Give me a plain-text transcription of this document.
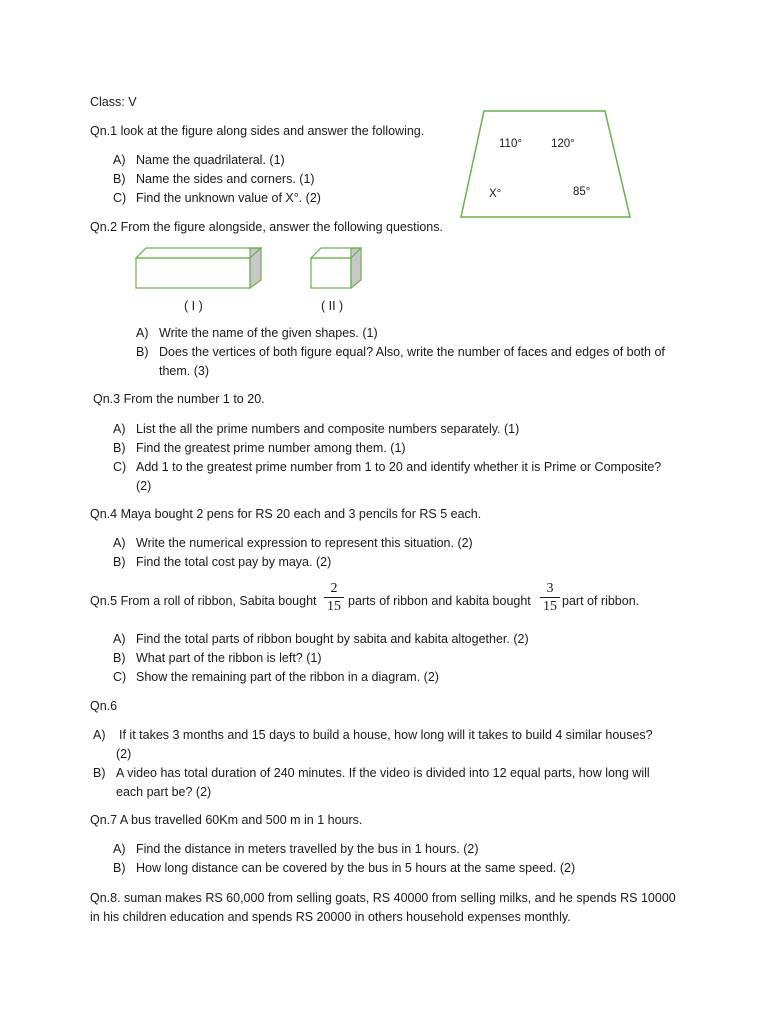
Class: V
Qn.1 look at the figure along sides and answer the following.
A) Name the quadrilateral. (1)
B) Name the sides and corners. (1)
C) Find the unknown value of X°. (2)
110°	120°
X°	85°
Qn.2 From the figure alongside, answer the following questions.
( I )	( II )
A) Write the name of the given shapes. (1)
B) Does the vertices of both figure equal? Also, write the number of faces and edges of both of
them. (3)
Qn.3 From the number 1 to 20.
A) List the all the prime numbers and composite numbers separately. (1)
B) Find the greatest prime number among them. (1)
C) Add 1 to the greatest prime number from 1 to 20 and identify whether it is Prime or Composite?
(2)
Qn.4 Maya bought 2 pens for RS 20 each and 3 pencils for RS 5 each.
A) Write the numerical expression to represent this situation. (2)
B) Find the total cost pay by maya. (2)
Qn.5 From a roll of ribbon, Sabita bought
2
15 parts of ribbon and kabita bought
3
15 part of ribbon.
A) Find the total parts of ribbon bought by sabita and kabita altogether. (2)
B) What part of the ribbon is left? (1)
C) Show the remaining part of the ribbon in a diagram. (2)
Qn.6
A)	If it takes 3 months and 15 days to build a house, how long will it takes to build 4 similar houses?
(2)
B) A video has total duration of 240 minutes. If the video is divided into 12 equal parts, how long will
each part be? (2)
Qn.7 A bus travelled 60Km and 500 m in 1 hours.
A) Find the distance in meters travelled by the bus in 1 hours. (2)
B) How long distance can be covered by the bus in 5 hours at the same speed. (2)
Qn.8. suman makes RS 60,000 from selling goats, RS 40000 from selling milks, and he spends RS 10000
in his children education and spends RS 20000 in others household expenses monthly.
